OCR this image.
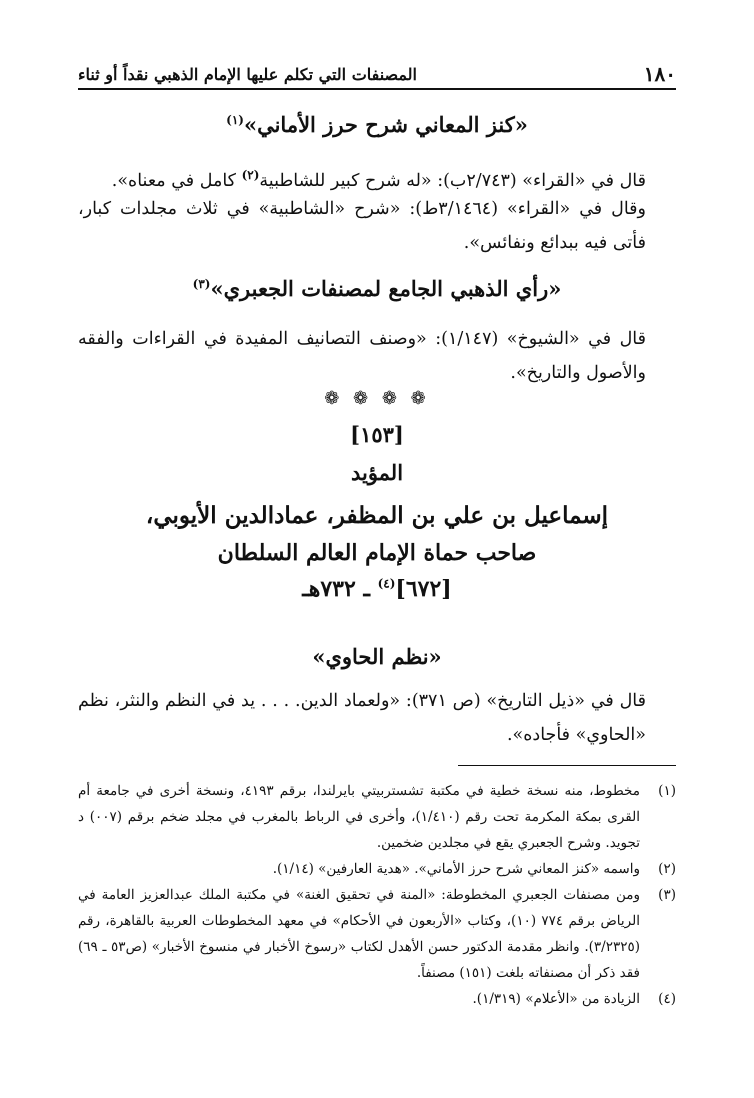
١٨٠
المصنفات التي تكلم عليها الإمام الذهبي نقداً أو ثناء
«كنز المعاني شرح حرز الأماني»$^{(١)}$
قال في «القراء» (٢/٧٤٣ب): «له شرح كبير للشاطبية$^{(٢)}$ كامل في معناه».
وقال في «القراء» (٣/١٤٦٤ط): «شرح «الشاطبية» في ثلاث مجلدات كبار، فأتى فيه ببدائع ونفائس».
«رأي الذهبي الجامع لمصنفات الجعبري»$^{(٣)}$
قال في «الشيوخ» (١/١٤٧): «وصنف التصانيف المفيدة في القراءات والفقه والأصول والتاريخ».
❁ ❁ ❁ ❁
[١٥٣]
المؤيد
إسماعيل بن علي بن المظفر، عمادالدين الأيوبي،
صاحب حماة الإمام العالم السلطان
[٦٧٢]$^{(٤)}$ ـ ٧٣٢هـ
«نظم الحاوي»
قال في «ذيل التاريخ» (ص ٣٧١): «ولعماد الدين. . . . يد في النظم والنثر، نظم «الحاوي» فأجاده».
(١)
مخطوط، منه نسخة خطية في مكتبة تشستربيتي بايرلندا، برقم ٤١٩٣، ونسخة أخرى في جامعة أم القرى بمكة المكرمة تحت رقم (١/٤١٠)، وأخرى في الرباط بالمغرب في مجلد ضخم برقم (٠٠٧) د تجويد. وشرح الجعبري يقع في مجلدين ضخمين.
(٢)
واسمه «كنز المعاني شرح حرز الأماني». «هدية العارفين» (١/١٤).
(٣)
ومن مصنفات الجعبري المخطوطة: «المنة في تحقيق الغنة» في مكتبة الملك عبدالعزيز العامة في الرياض برقم ٧٧٤ (١٠)، وكتاب «الأربعون في الأحكام» في معهد المخطوطات العربية بالقاهرة، رقم (٣/٢٣٢٥). وانظر مقدمة الدكتور حسن الأهدل لكتاب «رسوخ الأخبار في منسوخ الأخبار» (ص٥٣ ـ ٦٩) فقد ذكر أن مصنفاته بلغت (١٥١) مصنفاً.
(٤)
الزيادة من «الأعلام» (١/٣١٩).
